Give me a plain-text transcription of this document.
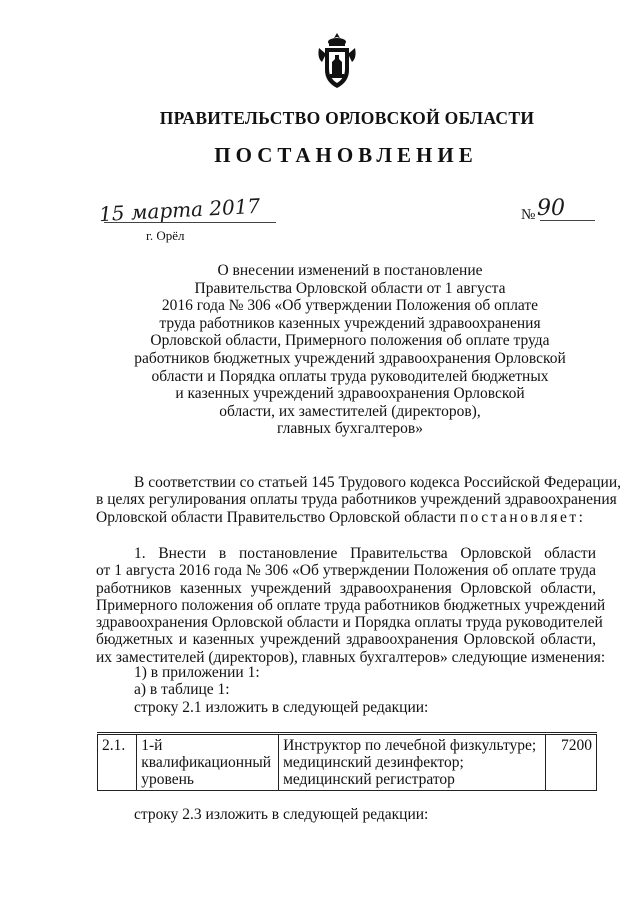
ПРАВИТЕЛЬСТВО ОРЛОВСКОЙ ОБЛАСТИ
ПОСТАНОВЛЕНИЕ
15 марта 2017
г. Орёл
№ 90
О внесении изменений в постановление
Правительства Орловской области от 1 августа
2016 года № 306 «Об утверждении Положения об оплате
труда работников казенных учреждений здравоохранения
Орловской области, Примерного положения об оплате труда
работников бюджетных учреждений здравоохранения Орловской
области и Порядка оплаты труда руководителей бюджетных
и казенных учреждений здравоохранения Орловской
области, их заместителей (директоров),
главных бухгалтеров»
В соответствии со статьей 145 Трудового кодекса Российской Федерации,
в целях регулирования оплаты труда работников учреждений здравоохранения
Орловской области Правительство Орловской области постановляет:
1. Внести в постановление Правительства Орловской области
от 1 августа 2016 года № 306 «Об утверждении Положения об оплате труда
работников казенных учреждений здравоохранения Орловской области,
Примерного положения об оплате труда работников бюджетных учреждений
здравоохранения Орловской области и Порядка оплаты труда руководителей
бюджетных и казенных учреждений здравоохранения Орловской области,
их заместителей (директоров), главных бухгалтеров» следующие изменения:
1) в приложении 1:
а) в таблице 1:
строку 2.1 изложить в следующей редакции:
2.1.	1-й квалификационный уровень	Инструктор по лечебной физкультуре; медицинский дезинфектор; медицинский регистратор	7200
строку 2.3 изложить в следующей редакции:
